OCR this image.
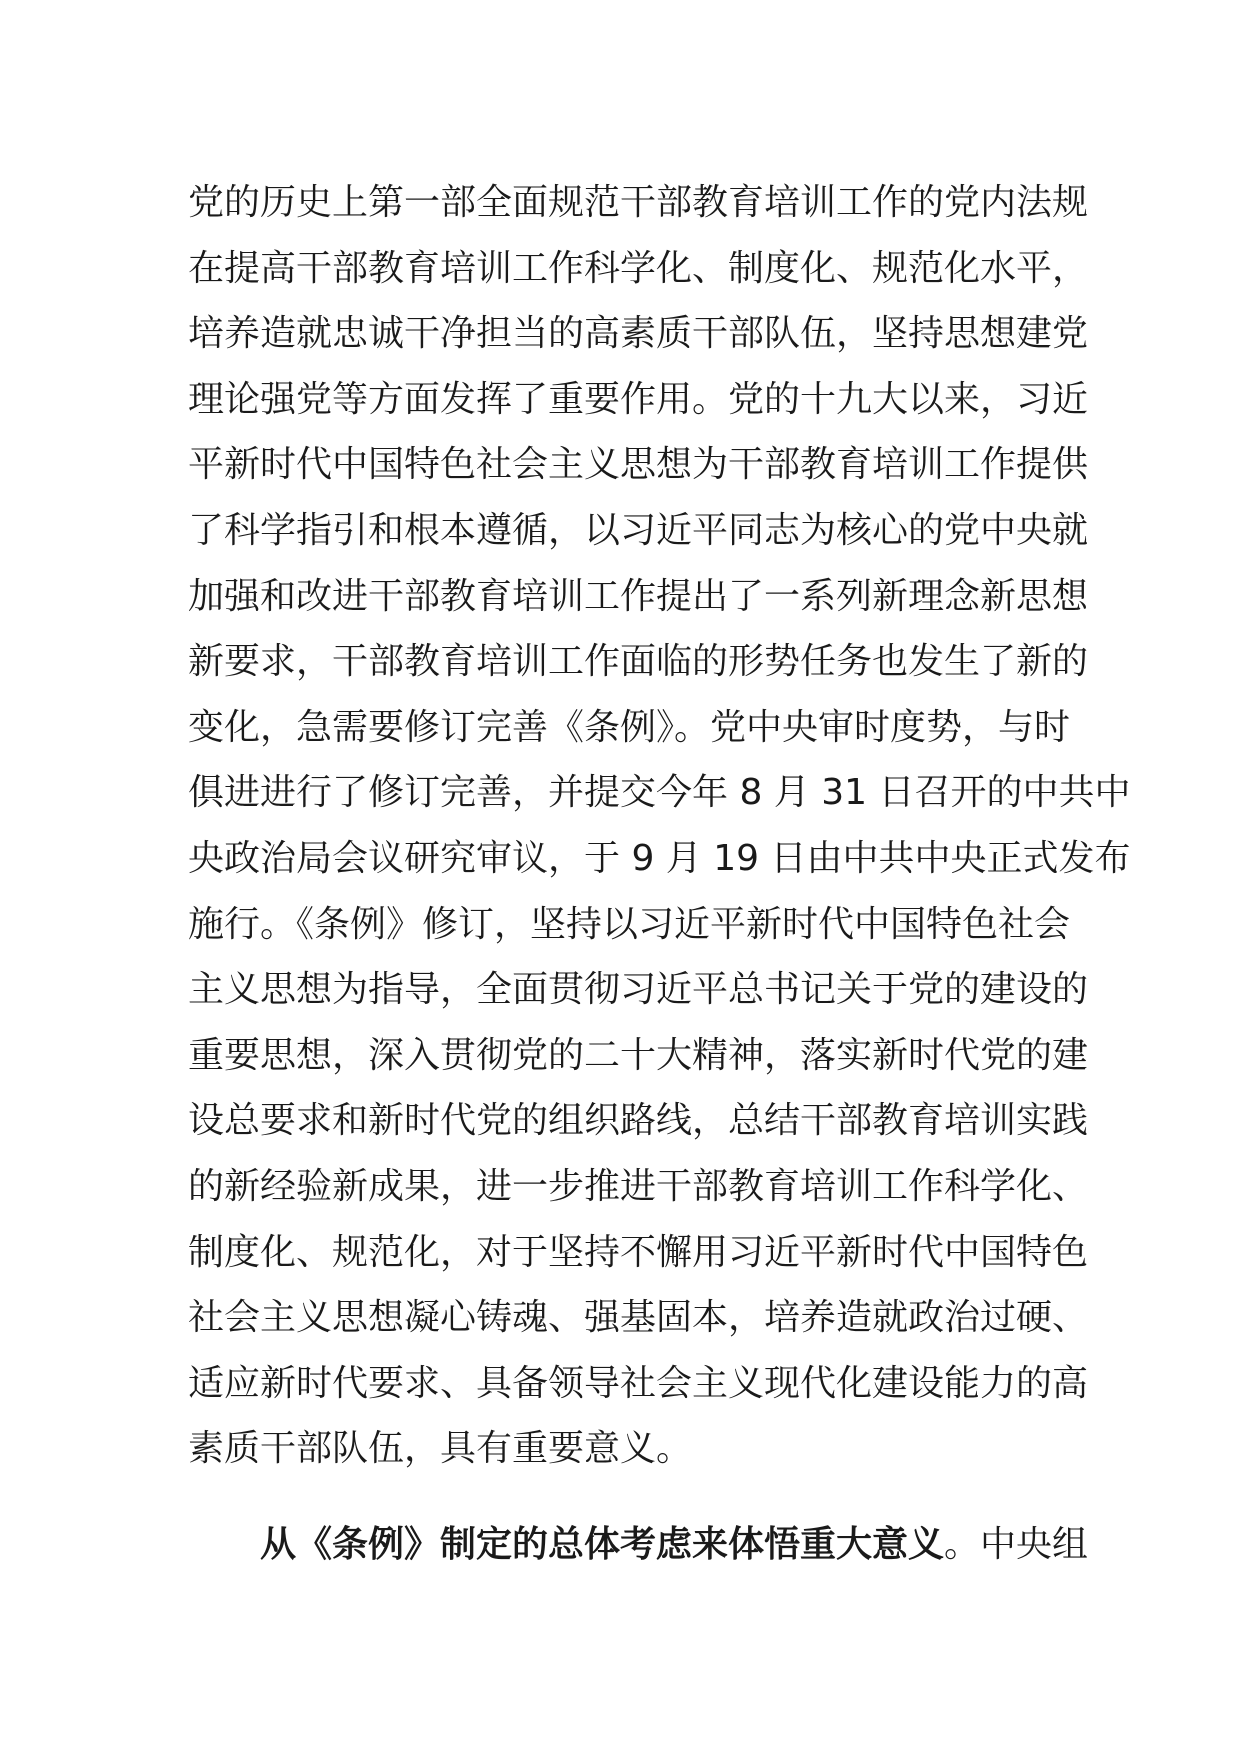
党的历史上第一部全面规范干部教育培训工作的党内法规
在提高干部教育培训工作科学化、制度化、规范化水平，
培养造就忠诚干净担当的高素质干部队伍，坚持思想建党
理论强党等方面发挥了重要作用。党的十九大以来，习近
平新时代中国特色社会主义思想为干部教育培训工作提供
了科学指引和根本遵循，以习近平同志为核心的党中央就
加强和改进干部教育培训工作提出了一系列新理念新思想
新要求，干部教育培训工作面临的形势任务也发生了新的
变化，急需要修订完善《条例》。党中央审时度势，与时
俱进进行了修订完善，并提交今年 8 月 31 日召开的中共中
央政治局会议研究审议，于 9 月 19 日由中共中央正式发布
施行。《条例》修订，坚持以习近平新时代中国特色社会
主义思想为指导，全面贯彻习近平总书记关于党的建设的
重要思想，深入贯彻党的二十大精神，落实新时代党的建
设总要求和新时代党的组织路线，总结干部教育培训实践
的新经验新成果，进一步推进干部教育培训工作科学化、
制度化、规范化，对于坚持不懈用习近平新时代中国特色
社会主义思想凝心铸魂、强基固本，培养造就政治过硬、
适应新时代要求、具备领导社会主义现代化建设能力的高
素质干部队伍，具有重要意义。
从《条例》制定的总体考虑来体悟重大意义。中央组
